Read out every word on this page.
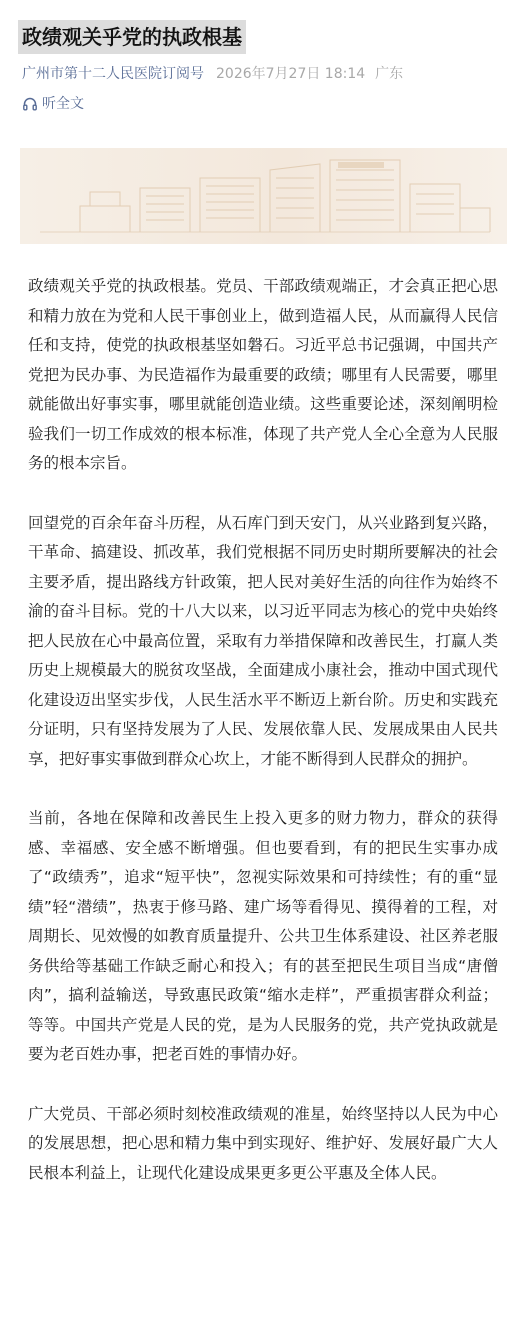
政绩观关乎党的执政根基
广州市第十二人民医院订阅号 2026年7月27日 18:14 广东
听全文

政绩观关乎党的执政根基。党员、干部政绩观端正，才会真正把心思和精力放在为党和人民干事创业上，做到造福人民，从而赢得人民信任和支持，使党的执政根基坚如磐石。习近平总书记强调，中国共产党把为民办事、为民造福作为最重要的政绩；哪里有人民需要，哪里就能做出好事实事，哪里就能创造业绩。这些重要论述，深刻阐明检验我们一切工作成效的根本标准，体现了共产党人全心全意为人民服务的根本宗旨。

回望党的百余年奋斗历程，从石库门到天安门，从兴业路到复兴路，干革命、搞建设、抓改革，我们党根据不同历史时期所要解决的社会主要矛盾，提出路线方针政策，把人民对美好生活的向往作为始终不渝的奋斗目标。党的十八大以来，以习近平同志为核心的党中央始终把人民放在心中最高位置，采取有力举措保障和改善民生，打赢人类历史上规模最大的脱贫攻坚战，全面建成小康社会，推动中国式现代化建设迈出坚实步伐，人民生活水平不断迈上新台阶。历史和实践充分证明，只有坚持发展为了人民、发展依靠人民、发展成果由人民共享，把好事实事做到群众心坎上，才能不断得到人民群众的拥护。

当前，各地在保障和改善民生上投入更多的财力物力，群众的获得感、幸福感、安全感不断增强。但也要看到，有的把民生实事办成了“政绩秀”，追求“短平快”，忽视实际效果和可持续性；有的重“显绩”轻“潜绩”，热衷于修马路、建广场等看得见、摸得着的工程，对周期长、见效慢的如教育质量提升、公共卫生体系建设、社区养老服务供给等基础工作缺乏耐心和投入；有的甚至把民生项目当成“唐僧肉”，搞利益输送，导致惠民政策“缩水走样”，严重损害群众利益；等等。中国共产党是人民的党，是为人民服务的党，共产党执政就是要为老百姓办事，把老百姓的事情办好。

广大党员、干部必须时刻校准政绩观的准星，始终坚持以人民为中心的发展思想，把心思和精力集中到实现好、维护好、发展好最广大人民根本利益上，让现代化建设成果更多更公平惠及全体人民。
